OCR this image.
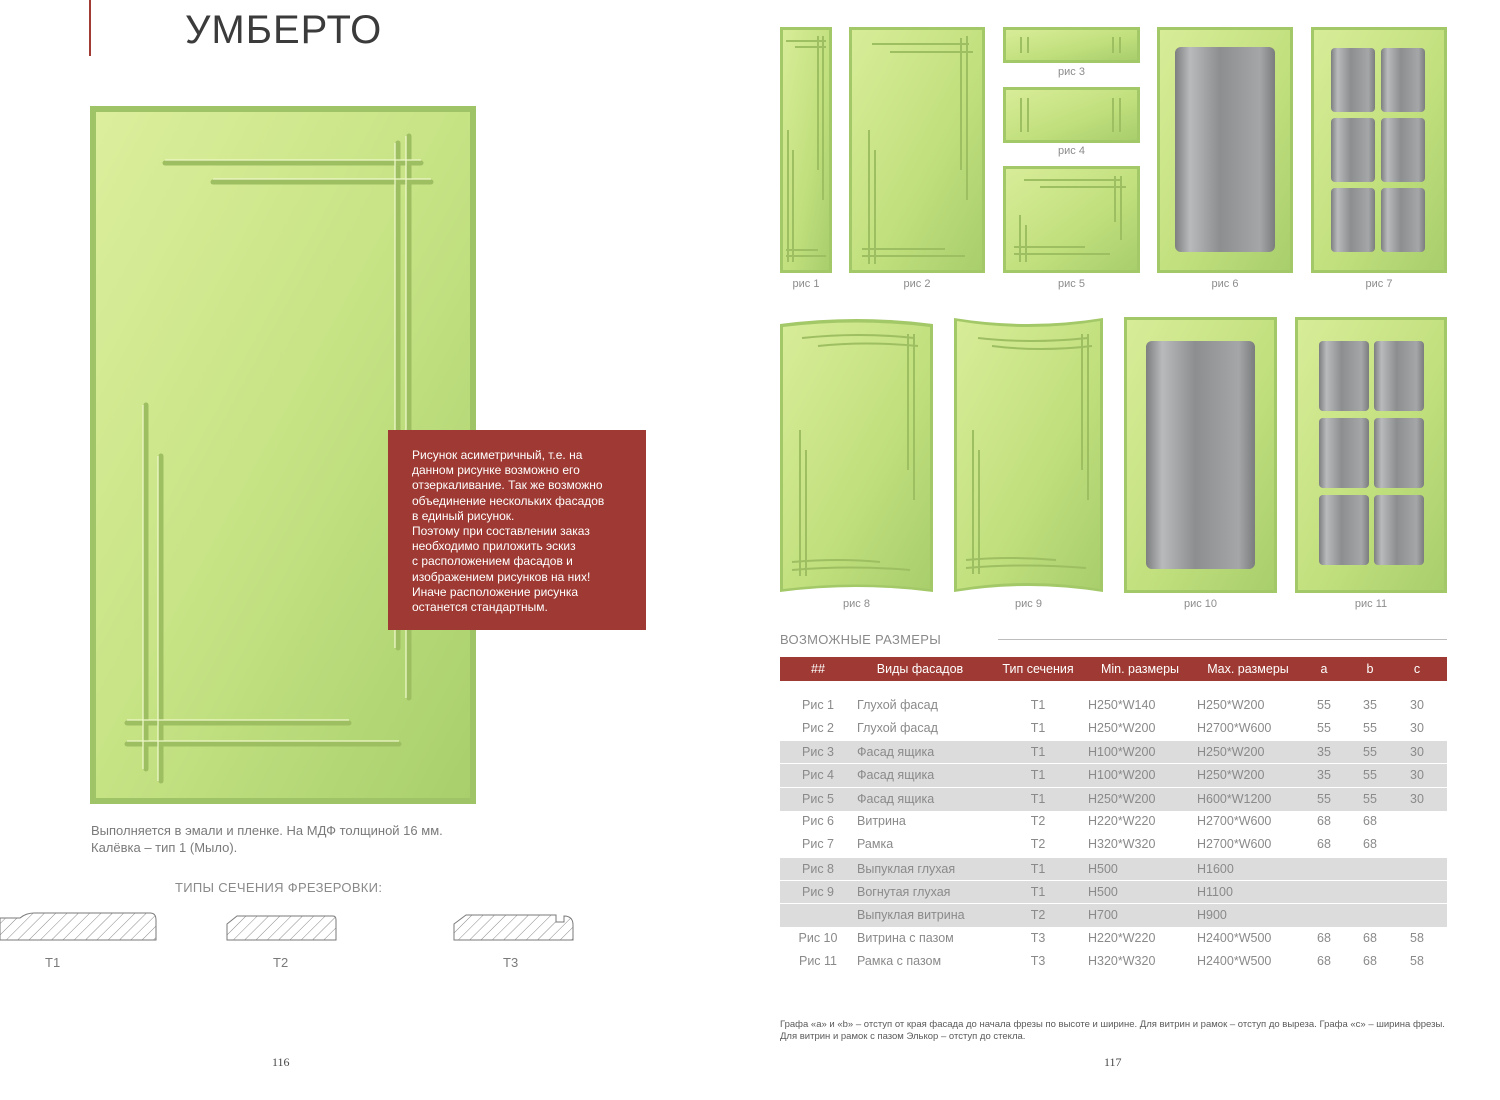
УМБЕРТО
Рисунок асиметричный, т.е. на
данном рисунке возможно его
отзеркаливание. Так же возможно
объединение нескольких фасадов
в единый рисунок.
Поэтому при составлении заказ
необходимо приложить эскиз
с расположением фасадов и
изображением рисунков на них!
Иначе расположение рисунка
останется стандартным.
Выполняется в эмали и пленке. На МДФ толщиной 16 мм.
Калёвка – тип 1 (Мыло).
ТИПЫ СЕЧЕНИЯ ФРЕЗЕРОВКИ:
T1	T2	T3
116
рис 1	рис 2
рис 3
рис 4
рис 5	рис 6	рис 7
рис 8	рис 9	рис 10	рис 11
ВОЗМОЖНЫЕ РАЗМЕРЫ
##	Виды фасадов	Тип сечения	Min. размеры	Max. размеры	a	b	c
Рис 1	Глухой фасад	T1	H250*W140	H250*W200	55	35	30
Рис 2	Глухой фасад	T1	H250*W200	H2700*W600	55	55	30
Рис 3	Фасад ящика	T1	H100*W200	H250*W200	35	55	30
Рис 4	Фасад ящика	T1	H100*W200	H250*W200	35	55	30
Рис 5	Фасад ящика	T1	H250*W200	H600*W1200	55	55	30
Рис 6	Витрина	T2	H220*W220	H2700*W600	68	68
Рис 7	Рамка	T2	H320*W320	H2700*W600	68	68
Рис 8	Выпуклая глухая	T1	H500	H1600
Рис 9	Вогнутая глухая	T1	H500	H1100
Выпуклая витрина	T2	H700	H900
Рис 10	Витрина с пазом	T3	H220*W220	H2400*W500	68	68	58
Рис 11	Рамка с пазом	T3	H320*W320	H2400*W500	68	68	58
Графа «a» и «b» – отступ от края фасада до начала фрезы по высоте и ширине. Для витрин и рамок – отступ до выреза. Графа «c» – ширина фрезы. Для витрин и рамок с пазом Элькор – отступ до стекла.
117
